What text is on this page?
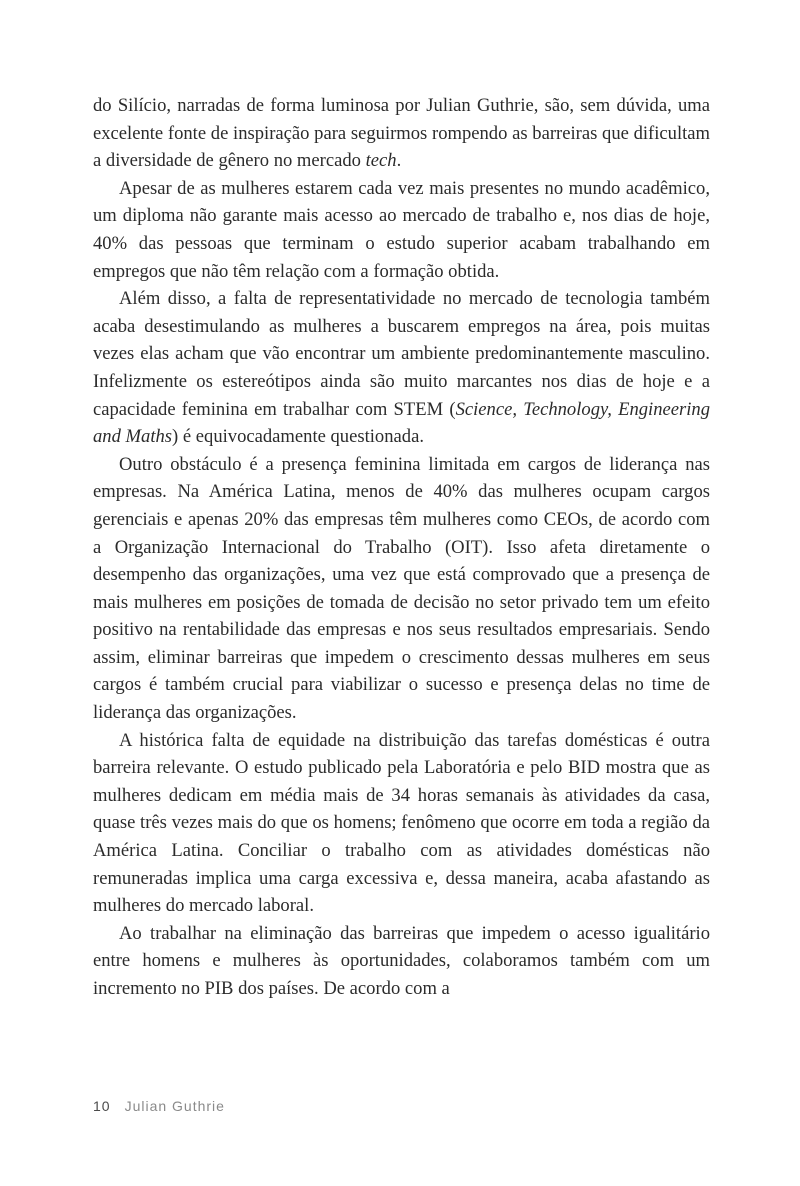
do Silício, narradas de forma luminosa por Julian Guthrie, são, sem dúvida, uma excelente fonte de inspiração para seguirmos rompendo as barreiras que dificultam a diversidade de gênero no mercado tech.

Apesar de as mulheres estarem cada vez mais presentes no mundo acadêmico, um diploma não garante mais acesso ao mercado de trabalho e, nos dias de hoje, 40% das pessoas que terminam o estudo superior acabam trabalhando em empregos que não têm relação com a formação obtida.

Além disso, a falta de representatividade no mercado de tecnologia também acaba desestimulando as mulheres a buscarem empregos na área, pois muitas vezes elas acham que vão encontrar um ambiente predominantemente masculino. Infelizmente os estereótipos ainda são muito marcantes nos dias de hoje e a capacidade feminina em trabalhar com STEM (Science, Technology, Engineering and Maths) é equivocadamente questionada.

Outro obstáculo é a presença feminina limitada em cargos de liderança nas empresas. Na América Latina, menos de 40% das mulheres ocupam cargos gerenciais e apenas 20% das empresas têm mulheres como CEOs, de acordo com a Organização Internacional do Trabalho (OIT). Isso afeta diretamente o desempenho das organizações, uma vez que está comprovado que a presença de mais mulheres em posições de tomada de decisão no setor privado tem um efeito positivo na rentabilidade das empresas e nos seus resultados empresariais. Sendo assim, eliminar barreiras que impedem o crescimento dessas mulheres em seus cargos é também crucial para viabilizar o sucesso e presença delas no time de liderança das organizações.

A histórica falta de equidade na distribuição das tarefas domésticas é outra barreira relevante. O estudo publicado pela Laboratória e pelo BID mostra que as mulheres dedicam em média mais de 34 horas semanais às atividades da casa, quase três vezes mais do que os homens; fenômeno que ocorre em toda a região da América Latina. Conciliar o trabalho com as atividades domésticas não remuneradas implica uma carga excessiva e, dessa maneira, acaba afastando as mulheres do mercado laboral.

Ao trabalhar na eliminação das barreiras que impedem o acesso igualitário entre homens e mulheres às oportunidades, colaboramos também com um incremento no PIB dos países. De acordo com a

10 Julian Guthrie
